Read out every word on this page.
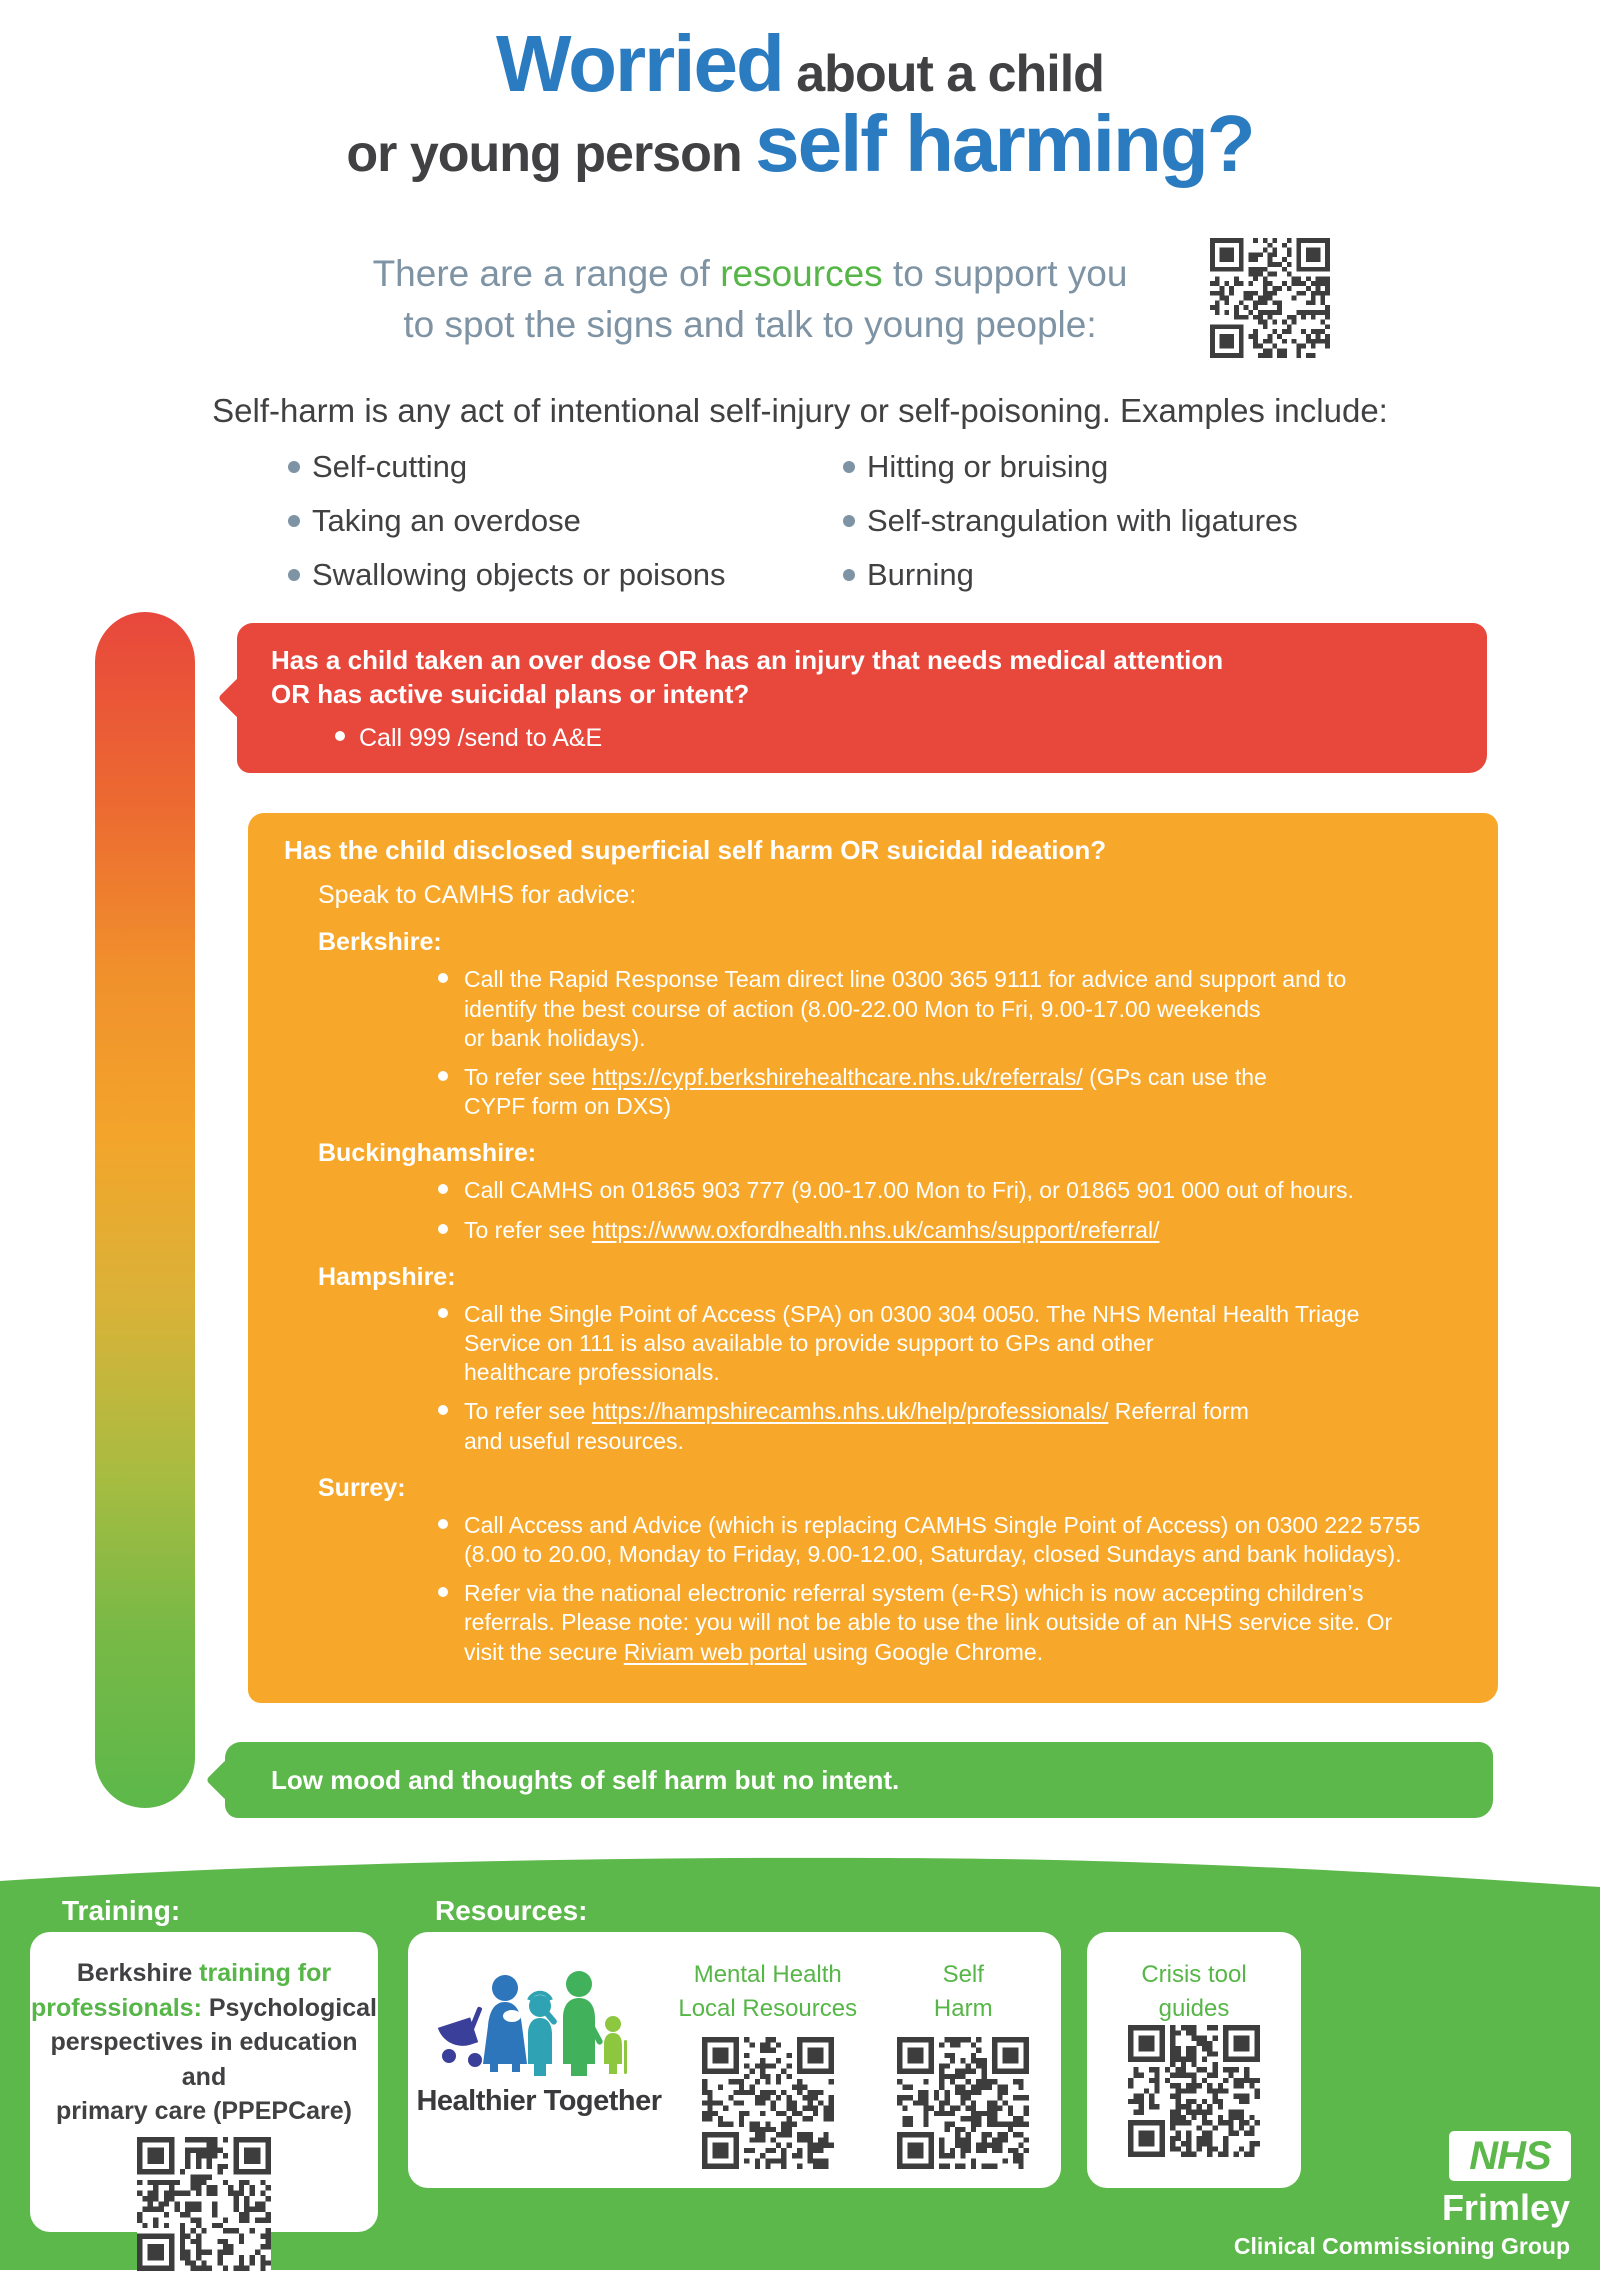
Worried about a child
or young person self harming?
There are a range of resources to support you
to spot the signs and talk to young people:
Self-harm is any act of intentional self-injury or self-poisoning. Examples include:
Self-cutting
Taking an overdose
Swallowing objects or poisons
Hitting or bruising
Self-strangulation with ligatures
Burning
Has a child taken an over dose OR has an injury that needs medical attention
OR has active suicidal plans or intent?
Call 999 /send to A&E
Has the child disclosed superficial self harm OR suicidal ideation?
Speak to CAMHS for advice:
Berkshire:
Call the Rapid Response Team direct line 0300 365 9111 for advice and support and to
identify the best course of action (8.00-22.00 Mon to Fri, 9.00-17.00 weekends
or bank holidays).
To refer see https://cypf.berkshirehealthcare.nhs.uk/referrals/ (GPs can use the
CYPF form on DXS)
Buckinghamshire:
Call CAMHS on 01865 903 777 (9.00-17.00 Mon to Fri), or 01865 901 000 out of hours.
To refer see https://www.oxfordhealth.nhs.uk/camhs/support/referral/
Hampshire:
Call the Single Point of Access (SPA) on 0300 304 0050. The NHS Mental Health Triage
Service on 111 is also available to provide support to GPs and other
healthcare professionals.
To refer see https://hampshirecamhs.nhs.uk/help/professionals/ Referral form
and useful resources.
Surrey:
Call Access and Advice (which is replacing CAMHS Single Point of Access) on 0300 222 5755
(8.00 to 20.00, Monday to Friday, 9.00-12.00, Saturday, closed Sundays and bank holidays).
Refer via the national electronic referral system (e-RS) which is now accepting children’s
referrals. Please note: you will not be able to use the link outside of an NHS service site. Or
visit the secure Riviam web portal using Google Chrome.
Low mood and thoughts of self harm but no intent.
Training:	Resources:
Berkshire training for
professionals: Psychological
perspectives in education and
primary care (PPEPCare)	Healthier Together
Mental Health
Local Resources
Self
Harm
Crisis tool
guides
NHS
Frimley
Clinical Commissioning Group
